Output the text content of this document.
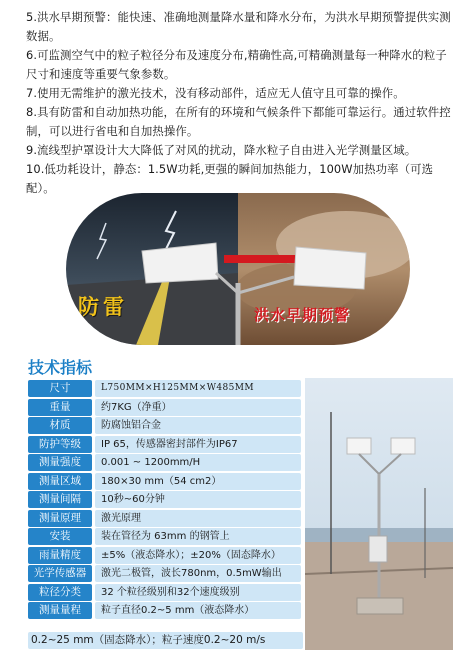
5.洪水早期预警：能快速、准确地测量降水量和降水分布，为洪水早期预警提供实测数据。

6.可监测空气中的粒子粒径分布及速度分布,精确性高,可精确测量每一种降水的粒子尺寸和速度等重要气象参数。

7.使用无需维护的激光技术，没有移动部件，适应无人值守且可靠的操作。

8.具有防雷和自动加热功能，在所有的环境和气候条件下都能可靠运行。通过软件控制，可以进行省电和自加热操作。

9.流线型护罩设计大大降低了对风的扰动，降水粒子自由进入光学测量区域。

10.低功耗设计，静态：1.5W功耗,更强的瞬间加热能力，100W加热功率（可选配）。

防雷	洪水早期预警
技术指标
尺寸	L750MM×H125MM×W485MM
重量	约7KG（净重）
材质	防腐蚀铝合金
防护等级	IP 65，传感器密封部件为IP67
测量强度	0.001 ~ 1200mm/H
测量区域	180×30 mm（54 cm2）
测量间隔	10秒~60分钟
测量原理	激光原理
安装	装在管径为 63mm 的钢管上
雨量精度	±5%（液态降水）；±20%（固态降水）
光学传感器	激光二极管，波长780nm，0.5mW输出
粒径分类	32 个粒径级别和32个速度级别
测量量程	粒子直径0.2~5 mm（液态降水）
0.2~25 mm（固态降水）；粒子速度0.2~20 m/s
